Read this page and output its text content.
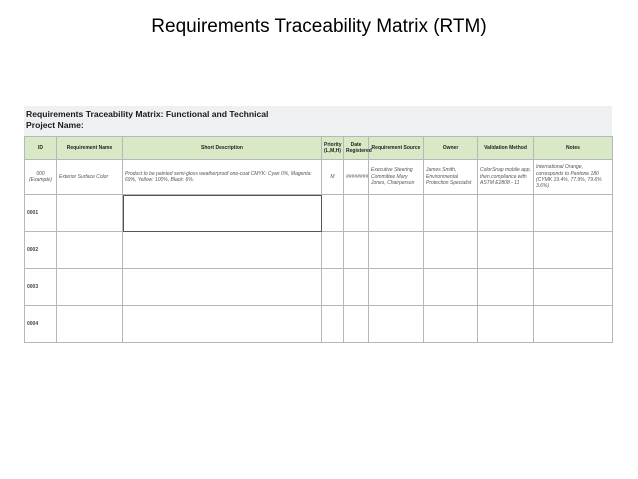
Requirements Traceability Matrix (RTM)
Requirements Traceability Matrix: Functional and Technical
Project Name:
ID	Requirement Name	Short Description	Priority (L,M,H)	Date Registered	Requirement Source	Owner	Validation Method	Notes
000 (Example)	Exterior Surface Color	Product to be painted semi-gloss weatherproof one-coat CMYK: Cyan 0%, Magenta: 69%, Yellow: 100%, Black: 6%.	M	########	Executive Steering Committee Mary Jones, Chairperson	James Smith, Environmental Protection Specialist	ColorSnap mobile app, then compliance with ASTM E2808 - 11	International Orange, corresponds to Pantone 180 (CYMK 19.4%, 77.9%, 79.6% 3.6%)
0001								
0002								
0003								
0004								
